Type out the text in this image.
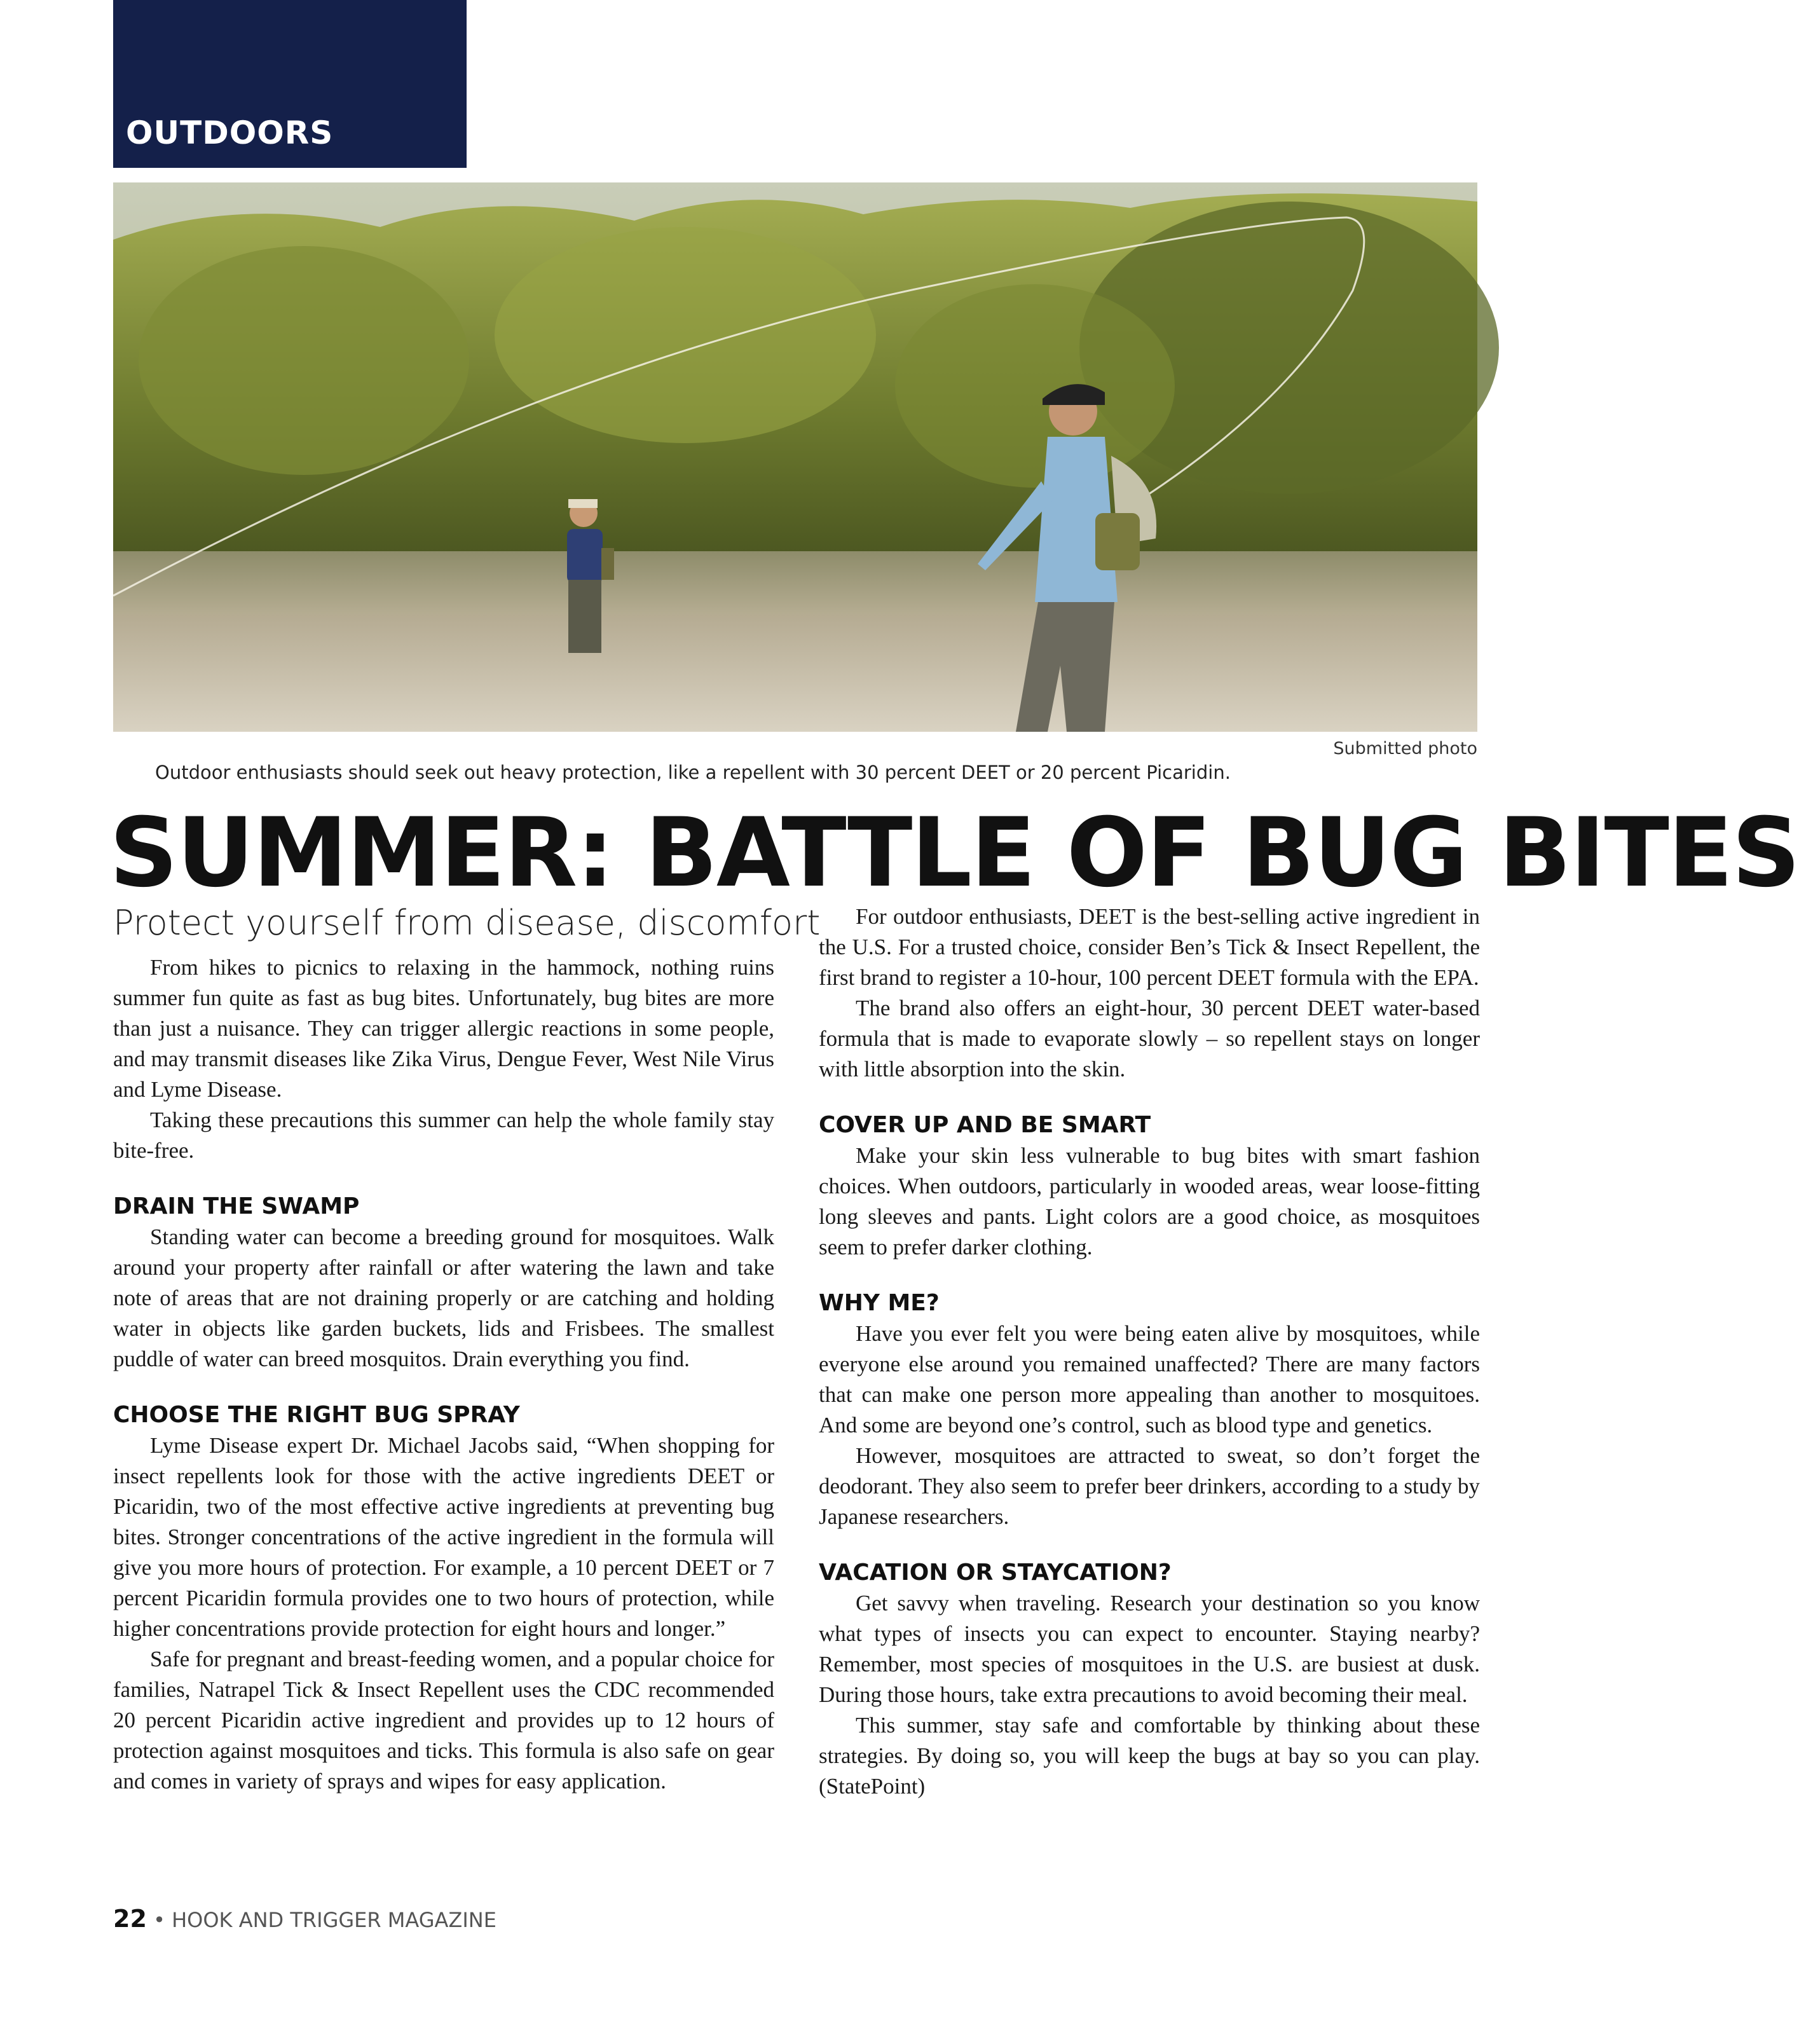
OUTDOORS
Submitted photo
Outdoor enthusiasts should seek out heavy protection, like a repellent with 30 percent DEET or 20 percent Picaridin.
SUMMER: BATTLE OF BUG BITES
Protect yourself from disease, discomfort

From hikes to picnics to relaxing in the hammock, nothing ruins summer fun quite as fast as bug bites. Unfortunately, bug bites are more than just a nuisance. They can trigger allergic reactions in some people, and may transmit diseases like Zika Virus, Dengue Fever, West Nile Virus and Lyme Disease.

Taking these precautions this summer can help the whole family stay bite-free.

DRAIN THE SWAMP

Standing water can become a breeding ground for mosquitoes. Walk around your property after rainfall or after watering the lawn and take note of areas that are not draining properly or are catching and holding water in objects like garden buckets, lids and Frisbees. The smallest puddle of water can breed mosquitos. Drain everything you find.

CHOOSE THE RIGHT BUG SPRAY

Lyme Disease expert Dr. Michael Jacobs said, “When shopping for insect repellents look for those with the active ingredients DEET or Picaridin, two of the most effective active ingredients at preventing bug bites. Stronger concentrations of the active ingredient in the formula will give you more hours of protection. For example, a 10 percent DEET or 7 percent Picaridin formula provides one to two hours of protection, while higher concentrations provide protection for eight hours and longer.”

Safe for pregnant and breast-feeding women, and a popular choice for families, Natrapel Tick & Insect Repellent uses the CDC recommended 20 percent Picaridin active ingredient and provides up to 12 hours of protection against mosquitoes and ticks. This formula is also safe on gear and comes in variety of sprays and wipes for easy application.

For outdoor enthusiasts, DEET is the best-selling active ingredient in the U.S. For a trusted choice, consider Ben’s Tick & Insect Repellent, the first brand to register a 10-hour, 100 percent DEET formula with the EPA.

The brand also offers an eight-hour, 30 percent DEET water-based formula that is made to evaporate slowly – so repellent stays on longer with little absorption into the skin.

COVER UP AND BE SMART

Make your skin less vulnerable to bug bites with smart fashion choices. When outdoors, particularly in wooded areas, wear loose-fitting long sleeves and pants. Light colors are a good choice, as mosquitoes seem to prefer darker clothing.

WHY ME?

Have you ever felt you were being eaten alive by mosquitoes, while everyone else around you remained unaffected? There are many factors that can make one person more appealing than another to mosquitoes. And some are beyond one’s control, such as blood type and genetics.

However, mosquitoes are attracted to sweat, so don’t forget the deodorant. They also seem to prefer beer drinkers, according to a study by Japanese researchers.

VACATION OR STAYCATION?

Get savvy when traveling. Research your destination so you know what types of insects you can expect to encounter. Staying nearby? Remember, most species of mosquitoes in the U.S. are busiest at dusk. During those hours, take extra precautions to avoid becoming their meal.

This summer, stay safe and comfortable by thinking about these strategies. By doing so, you will keep the bugs at bay so you can play. (StatePoint)

22 • HOOK AND TRIGGER MAGAZINE
